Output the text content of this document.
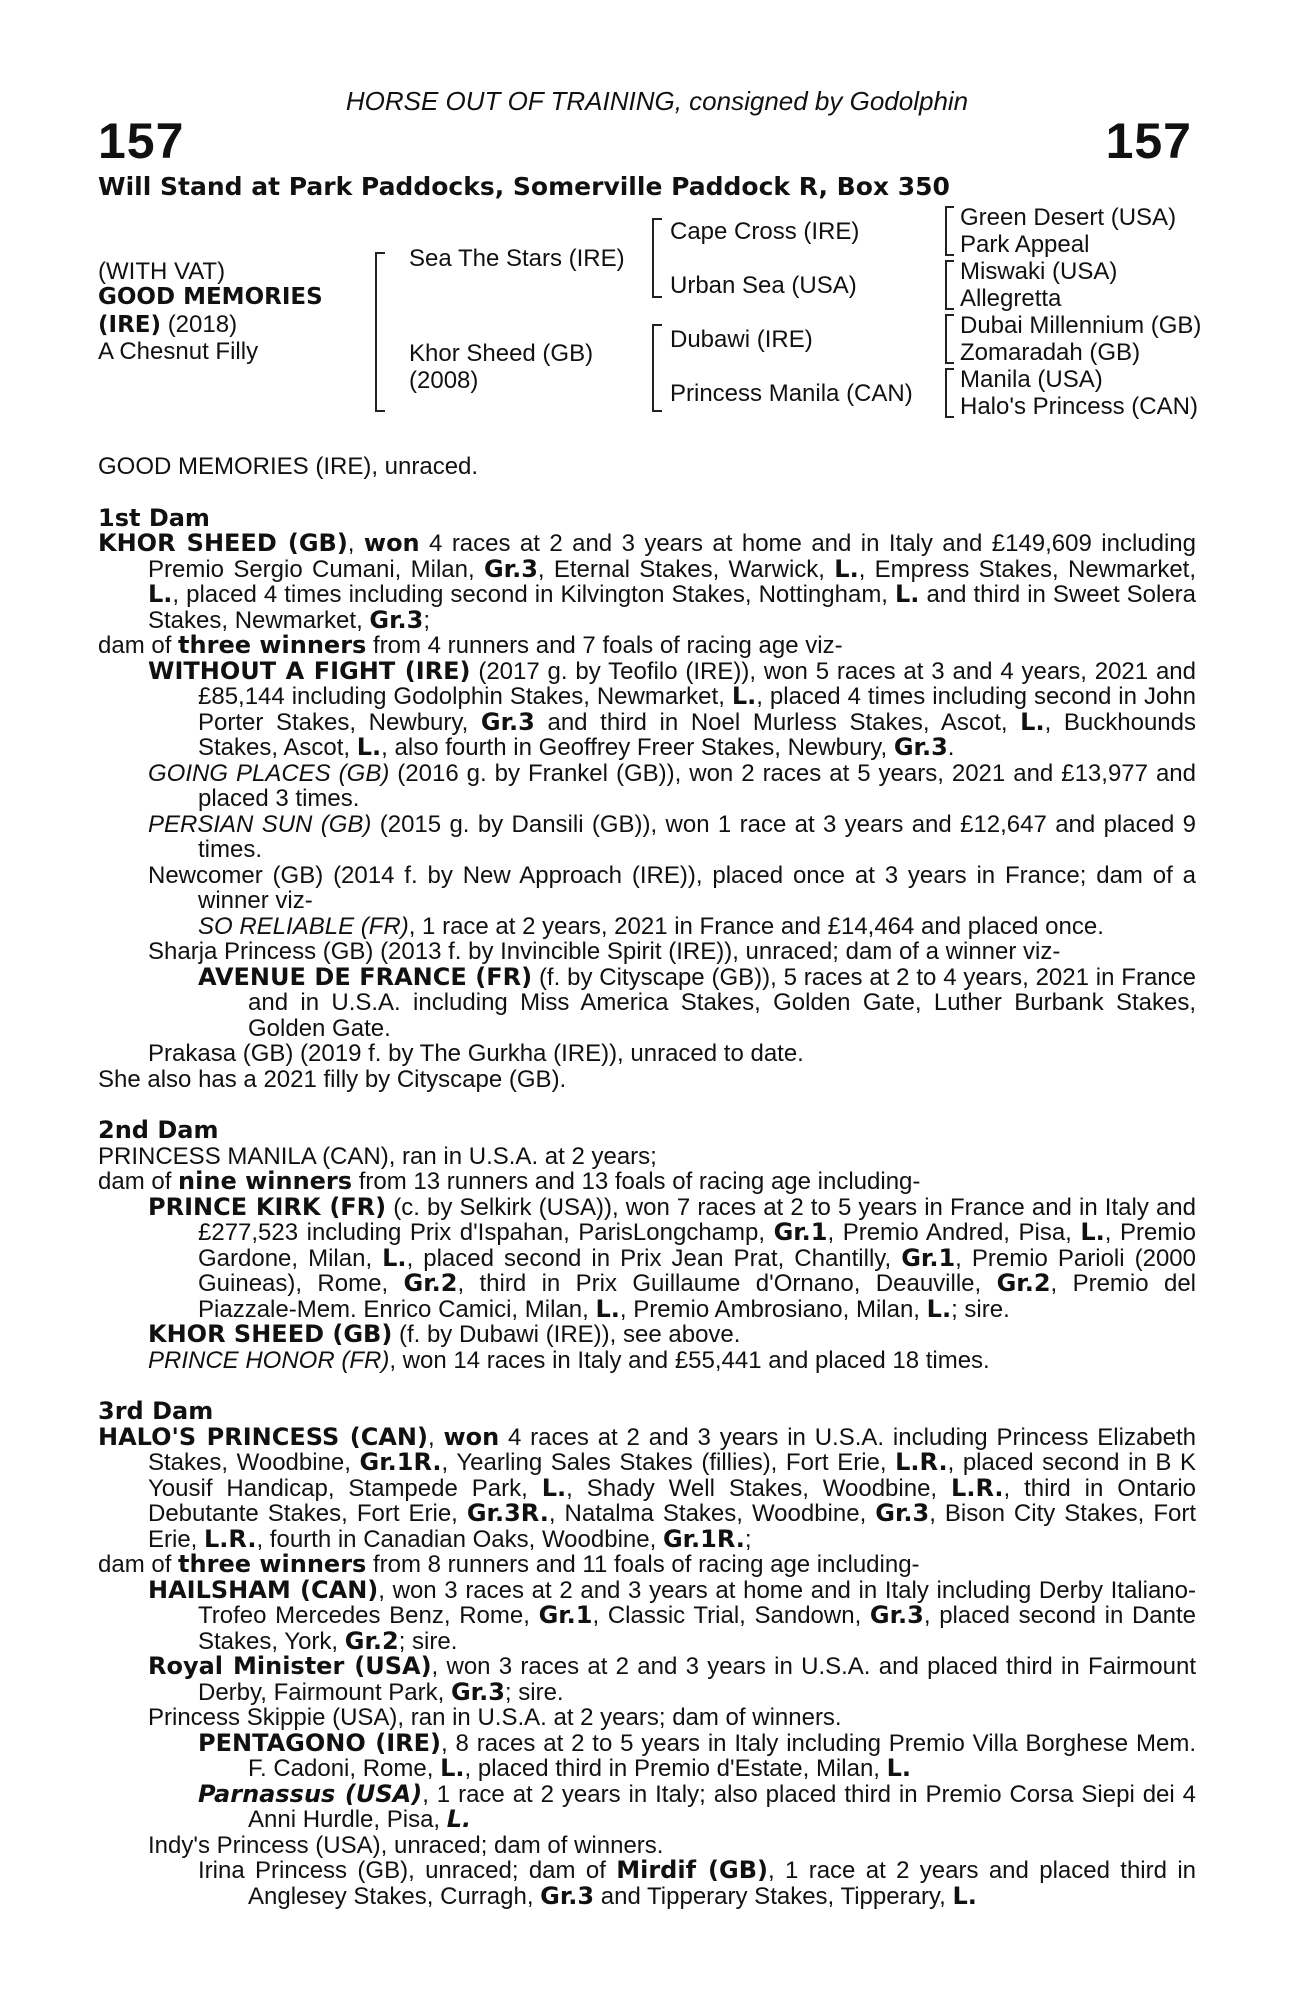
HORSE OUT OF TRAINING, consigned by Godolphin
157	157
Will Stand at Park Paddocks, Somerville Paddock R, Box 350
(WITH VAT)
GOOD MEMORIES
(IRE) (2018)
A Chesnut Filly
Sea The Stars (IRE)
Khor Sheed (GB)
(2008)
Cape Cross (IRE)
Urban Sea (USA)
Dubawi (IRE)
Princess Manila (CAN)
Green Desert (USA)
Park Appeal
Miswaki (USA)
Allegretta
Dubai Millennium (GB)
Zomaradah (GB)
Manila (USA)
Halo's Princess (CAN)

GOOD MEMORIES (IRE), unraced.

1st Dam

KHOR SHEED (GB), won 4 races at 2 and 3 years at home and in Italy and £149,609 including Premio Sergio Cumani, Milan, Gr.3, Eternal Stakes, Warwick, L., Empress Stakes, Newmarket, L., placed 4 times including second in Kilvington Stakes, Nottingham, L. and third in Sweet Solera Stakes, Newmarket, Gr.3;

dam of three winners from 4 runners and 7 foals of racing age viz-

WITHOUT A FIGHT (IRE) (2017 g. by Teofilo (IRE)), won 5 races at 3 and 4 years, 2021 and £85,144 including Godolphin Stakes, Newmarket, L., placed 4 times including second in John Porter Stakes, Newbury, Gr.3 and third in Noel Murless Stakes, Ascot, L., Buckhounds Stakes, Ascot, L., also fourth in Geoffrey Freer Stakes, Newbury, Gr.3.

GOING PLACES (GB) (2016 g. by Frankel (GB)), won 2 races at 5 years, 2021 and £13,977 and placed 3 times.

PERSIAN SUN (GB) (2015 g. by Dansili (GB)), won 1 race at 3 years and £12,647 and placed 9 times.

Newcomer (GB) (2014 f. by New Approach (IRE)), placed once at 3 years in France; dam of a winner viz-

SO RELIABLE (FR), 1 race at 2 years, 2021 in France and £14,464 and placed once.

Sharja Princess (GB) (2013 f. by Invincible Spirit (IRE)), unraced; dam of a winner viz-

AVENUE DE FRANCE (FR) (f. by Cityscape (GB)), 5 races at 2 to 4 years, 2021 in France and in U.S.A. including Miss America Stakes, Golden Gate, Luther Burbank Stakes, Golden Gate.

Prakasa (GB) (2019 f. by The Gurkha (IRE)), unraced to date.

She also has a 2021 filly by Cityscape (GB).

2nd Dam

PRINCESS MANILA (CAN), ran in U.S.A. at 2 years;

dam of nine winners from 13 runners and 13 foals of racing age including-

PRINCE KIRK (FR) (c. by Selkirk (USA)), won 7 races at 2 to 5 years in France and in Italy and £277,523 including Prix d'Ispahan, ParisLongchamp, Gr.1, Premio Andred, Pisa, L., Premio Gardone, Milan, L., placed second in Prix Jean Prat, Chantilly, Gr.1, Premio Parioli (2000 Guineas), Rome, Gr.2, third in Prix Guillaume d'Ornano, Deauville, Gr.2, Premio del Piazzale-Mem. Enrico Camici, Milan, L., Premio Ambrosiano, Milan, L.; sire.

KHOR SHEED (GB) (f. by Dubawi (IRE)), see above.

PRINCE HONOR (FR), won 14 races in Italy and £55,441 and placed 18 times.

3rd Dam

HALO'S PRINCESS (CAN), won 4 races at 2 and 3 years in U.S.A. including Princess Elizabeth Stakes, Woodbine, Gr.1R., Yearling Sales Stakes (fillies), Fort Erie, L.R., placed second in B K Yousif Handicap, Stampede Park, L., Shady Well Stakes, Woodbine, L.R., third in Ontario Debutante Stakes, Fort Erie, Gr.3R., Natalma Stakes, Woodbine, Gr.3, Bison City Stakes, Fort Erie, L.R., fourth in Canadian Oaks, Woodbine, Gr.1R.;

dam of three winners from 8 runners and 11 foals of racing age including-

HAILSHAM (CAN), won 3 races at 2 and 3 years at home and in Italy including Derby Italiano-Trofeo Mercedes Benz, Rome, Gr.1, Classic Trial, Sandown, Gr.3, placed second in Dante Stakes, York, Gr.2; sire.

Royal Minister (USA), won 3 races at 2 and 3 years in U.S.A. and placed third in Fairmount Derby, Fairmount Park, Gr.3; sire.

Princess Skippie (USA), ran in U.S.A. at 2 years; dam of winners.

PENTAGONO (IRE), 8 races at 2 to 5 years in Italy including Premio Villa Borghese Mem. F. Cadoni, Rome, L., placed third in Premio d'Estate, Milan, L.

Parnassus (USA), 1 race at 2 years in Italy; also placed third in Premio Corsa Siepi dei 4 Anni Hurdle, Pisa, L.

Indy's Princess (USA), unraced; dam of winners.

Irina Princess (GB), unraced; dam of Mirdif (GB), 1 race at 2 years and placed third in Anglesey Stakes, Curragh, Gr.3 and Tipperary Stakes, Tipperary, L.
